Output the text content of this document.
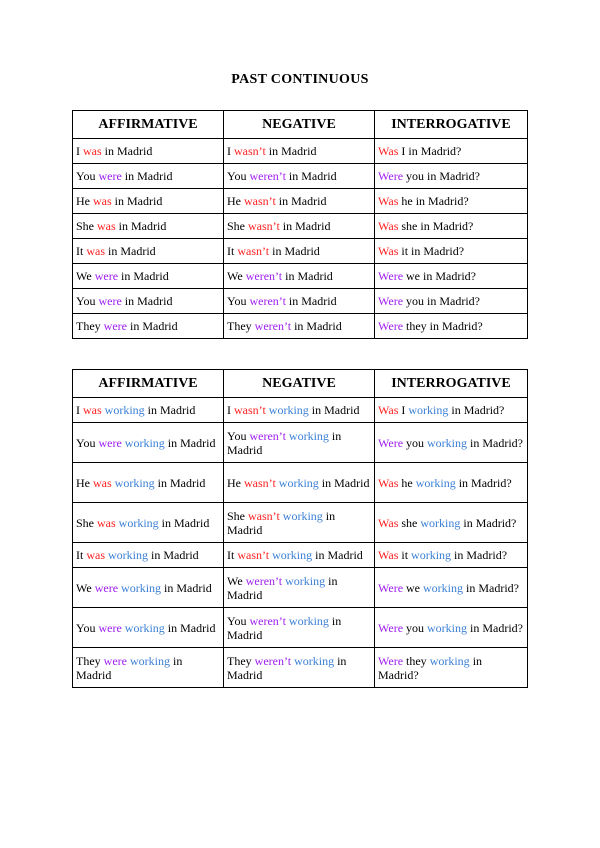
PAST CONTINUOUS
AFFIRMATIVE	NEGATIVE	INTERROGATIVE
I was in Madrid	I wasn’t in Madrid	Was I in Madrid?
You were in Madrid	You weren’t in Madrid	Were you in Madrid?
He was in Madrid	He wasn’t in Madrid	Was he in Madrid?
She was in Madrid	She wasn’t in Madrid	Was she in Madrid?
It was in Madrid	It wasn’t in Madrid	Was it in Madrid?
We were in Madrid	We weren’t in Madrid	Were we in Madrid?
You were in Madrid	You weren’t in Madrid	Were you in Madrid?
They were in Madrid	They weren’t in Madrid	Were they in Madrid?
AFFIRMATIVE	NEGATIVE	INTERROGATIVE
I was working in Madrid	I wasn’t working in Madrid	Was I working in Madrid?
You were working in Madrid	You weren’t working in Madrid	Were you working in Madrid?
He was working in Madrid	He wasn’t working in Madrid	Was he working in Madrid?
She was working in Madrid	She wasn’t working in Madrid	Was she working in Madrid?
It was working in Madrid	It wasn’t working in Madrid	Was it working in Madrid?
We were working in Madrid	We weren’t working in Madrid	Were we working in Madrid?
You were working in Madrid	You weren’t working in Madrid	Were you working in Madrid?
They were working in Madrid	They weren’t working in Madrid	Were they working in Madrid?
